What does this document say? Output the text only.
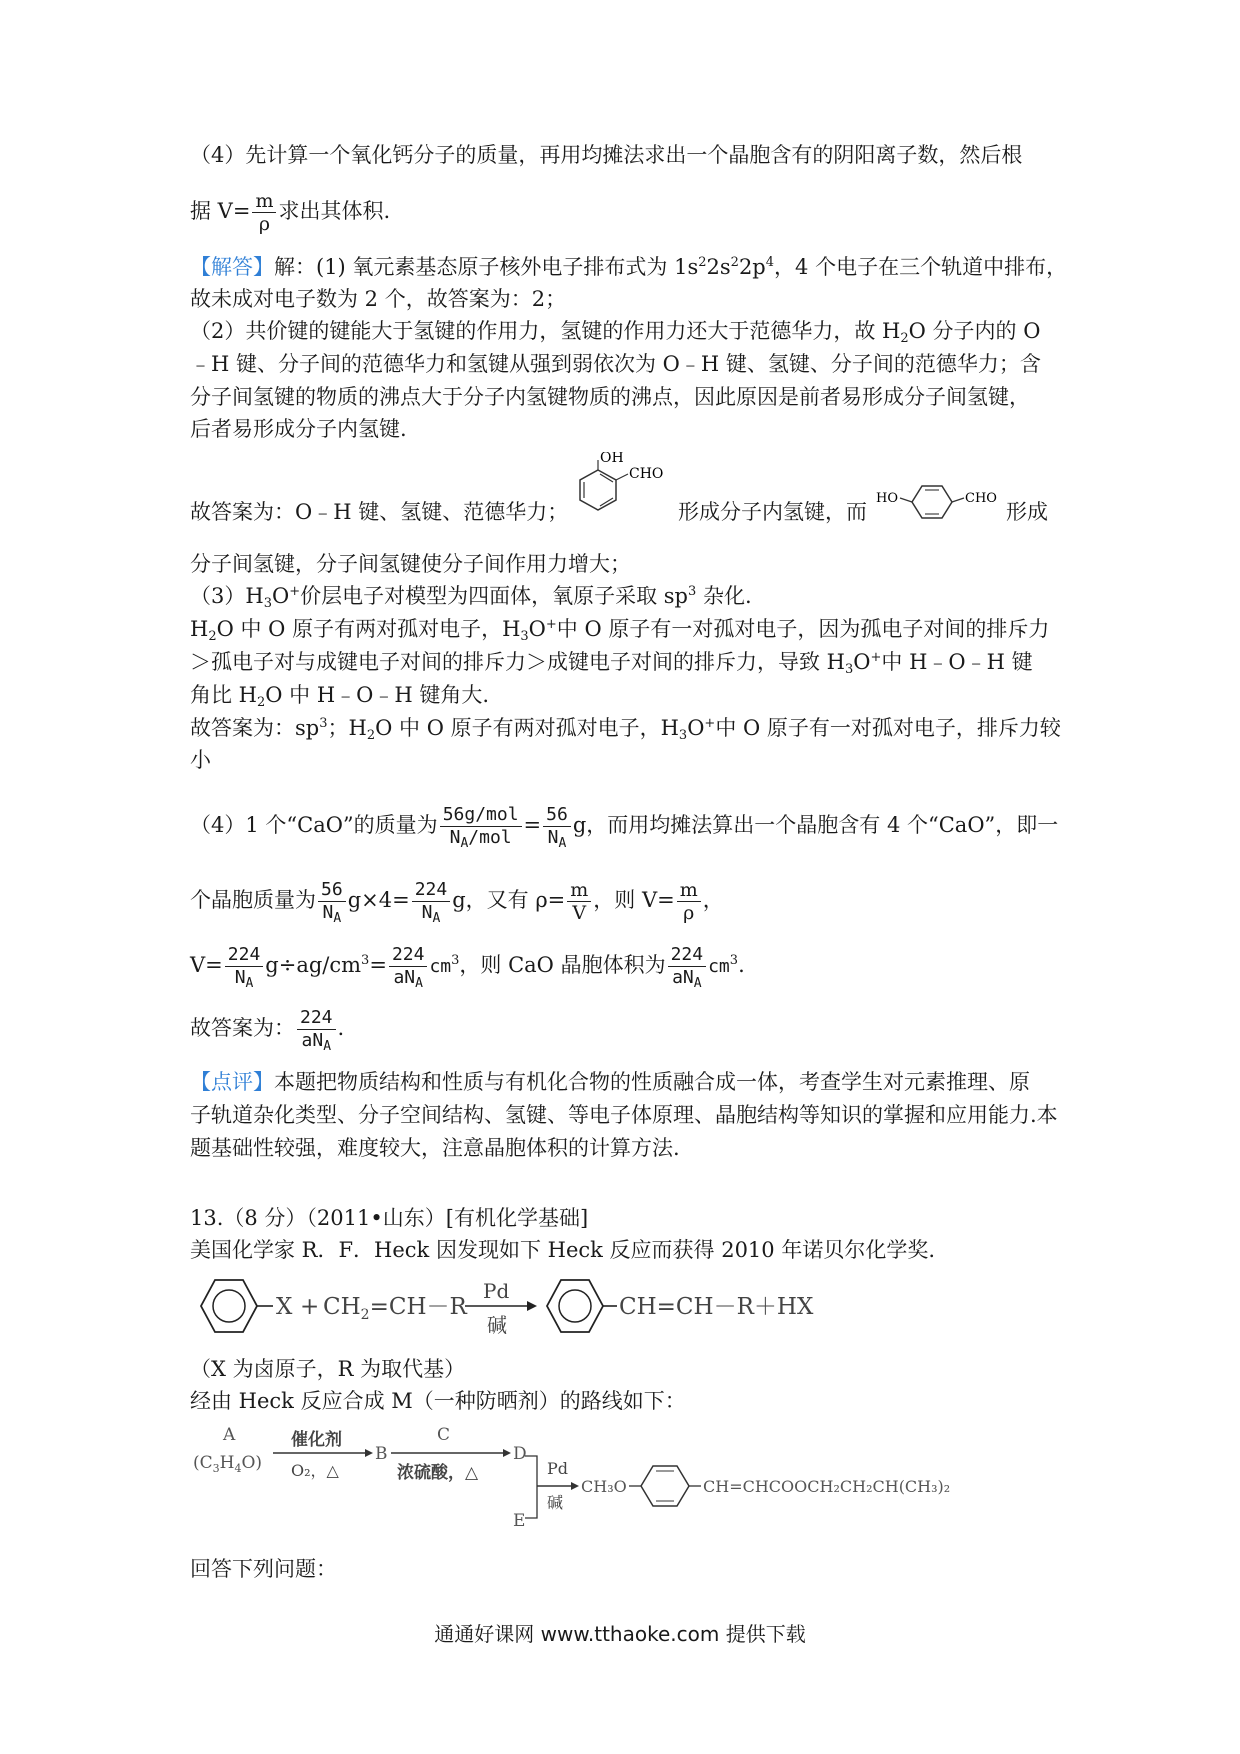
（4）先计算一个氧化钙分子的质量，再用均摊法求出一个晶胞含有的阴阳离子数，然后根
据 $V= \frac{m}{\rho}$ 求出其体积.
【解答】解：(1) 氧元素基态原子核外电子排布式为 $1s^22s^22p^4$，4 个电子在三个轨道中排布，
故未成对电子数为 2 个，故答案为：2；
（2）共价键的键能大于氢键的作用力，氢键的作用力还大于范德华力，故 $H_2O$ 分子内的 O
﹣H 键、分子间的范德华力和氢键从强到弱依次为 O﹣H 键、氢键、分子间的范德华力；含
分子间氢键的物质的沸点大于分子内氢键物质的沸点，因此原因是前者易形成分子间氢键，
后者易形成分子内氢键.
故答案为：O﹣H 键、氢键、范德华力；
OH
CHO
形成分子内氢键，而
HO	CHO
形成
分子间氢键，分子间氢键使分子间作用力增大；
$(3)H_3O^+$价层电子对模型为四面体，氧原子采取 $sp^3$ 杂化.
$H_2O$ 中 O 原子有两对孤对电子，$H_3O^+$中 O 原子有一对孤对电子，因为孤电子对间的排斥力
＞孤电子对与成键电子对间的排斥力＞成键电子对间的排斥力，导致 $H_3O^+$中 H﹣O﹣H 键
角比 $H_2O$ 中 H﹣O﹣H 键角大.
故答案为：$sp^3$；$H_2O$ 中 O 原子有两对孤对电子，$H_3O^+$中 O 原子有一对孤对电子，排斥力较
小
（4）1 个“CaO”的质量为 $\frac{\text{56g/mol}}{N_A/mol} = \frac{56}{N_A}$ g，而用均摊法算出一个晶胞含有 4 个“CaO”，即一
个晶胞质量为 $\frac{56}{N_A} g\times 4= \frac{224}{N_A}$ g，又有 $\rho= \frac{m}{V}$ ，则 $V= \frac{m}{\rho}$ ，
$V= \frac{224}{N_A} g\div ag/cm^3= \frac{224}{aN_A} cm^3$，则 CaO 晶胞体积为 $\frac{224}{aN_A} cm^3$.
故答案为： $\frac{224}{aN_A}$ .
【点评】本题把物质结构和性质与有机化合物的性质融合成一体，考查学生对元素推理、原
子轨道杂化类型、分子空间结构、氢键、等电子体原理、晶胞结构等知识的掌握和应用能力.本
题基础性较强，难度较大，注意晶胞体积的计算方法.
13.（8 分）（2011•山东）[有机化学基础]
美国化学家 R．F．Heck 因发现如下 Heck 反应而获得 2010 年诺贝尔化学奖.
$X + CH_2=CH-R$
Pd
碱
CH=CH－R＋HX
（X 为卤原子，R 为取代基）
经由 Heck 反应合成 M（一种防晒剂）的路线如下：
A
$(C_3H_4O)$
催化剂
O₂，△
B
C
浓硫酸，△
D
E
Pd
碱
CH₃O	CH=CHCOOCH₂CH₂CH(CH₃)₂
回答下列问题：
通通好课网 www.tthaoke.com 提供下载
